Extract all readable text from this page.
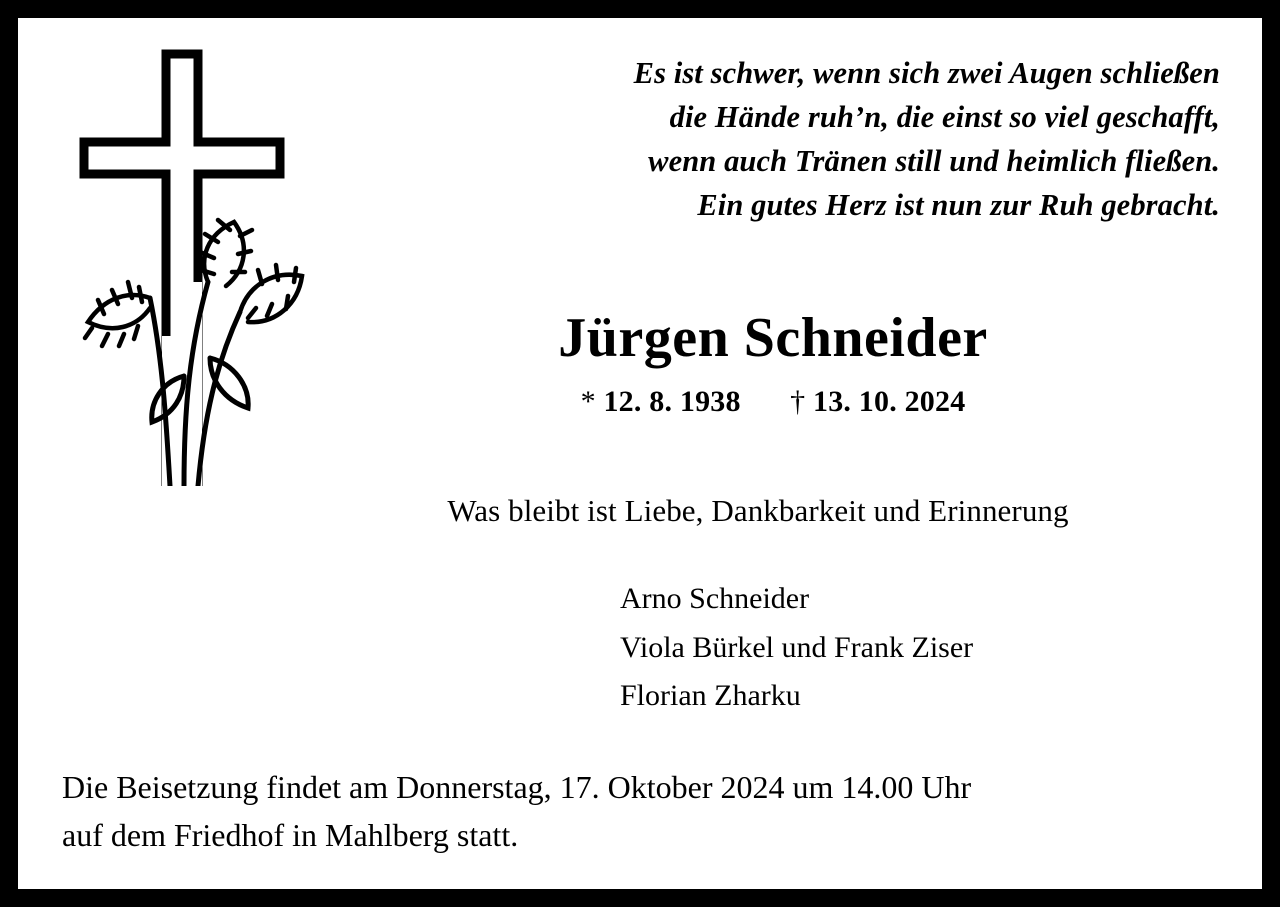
Es ist schwer, wenn sich zwei Augen schließen
die Hände ruh’n, die einst so viel geschafft,
wenn auch Tränen still und heimlich fließen.
Ein gutes Herz ist nun zur Ruh gebracht.
Jürgen Schneider
* 12. 8. 1938 † 13. 10. 2024
Was bleibt ist Liebe, Dankbarkeit und Erinnerung
Arno Schneider
Viola Bürkel und Frank Ziser
Florian Zharku
Die Beisetzung findet am Donnerstag, 17. Oktober 2024 um 14.00 Uhr
auf dem Friedhof in Mahlberg statt.
